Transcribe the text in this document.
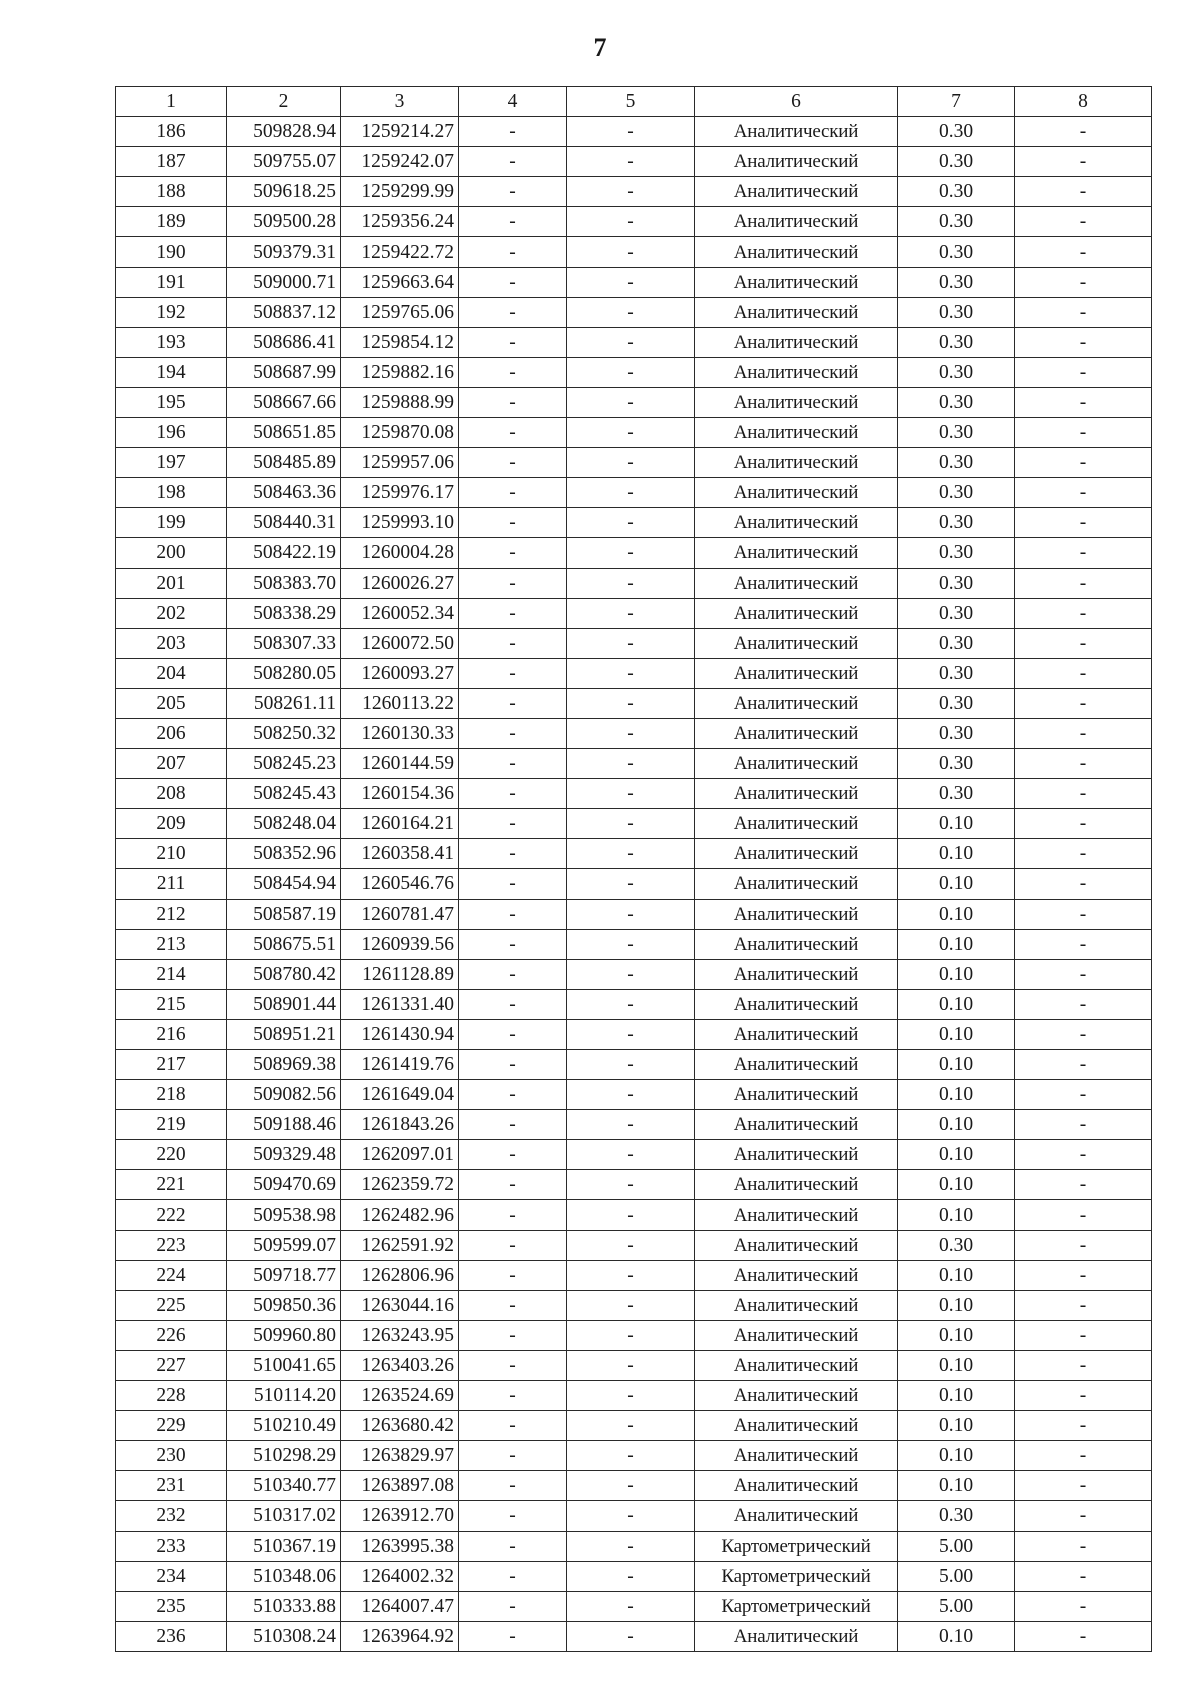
7
1	2	3	4	5	6	7	8
186	509828.94	1259214.27	-	-	Аналитический	0.30	-
187	509755.07	1259242.07	-	-	Аналитический	0.30	-
188	509618.25	1259299.99	-	-	Аналитический	0.30	-
189	509500.28	1259356.24	-	-	Аналитический	0.30	-
190	509379.31	1259422.72	-	-	Аналитический	0.30	-
191	509000.71	1259663.64	-	-	Аналитический	0.30	-
192	508837.12	1259765.06	-	-	Аналитический	0.30	-
193	508686.41	1259854.12	-	-	Аналитический	0.30	-
194	508687.99	1259882.16	-	-	Аналитический	0.30	-
195	508667.66	1259888.99	-	-	Аналитический	0.30	-
196	508651.85	1259870.08	-	-	Аналитический	0.30	-
197	508485.89	1259957.06	-	-	Аналитический	0.30	-
198	508463.36	1259976.17	-	-	Аналитический	0.30	-
199	508440.31	1259993.10	-	-	Аналитический	0.30	-
200	508422.19	1260004.28	-	-	Аналитический	0.30	-
201	508383.70	1260026.27	-	-	Аналитический	0.30	-
202	508338.29	1260052.34	-	-	Аналитический	0.30	-
203	508307.33	1260072.50	-	-	Аналитический	0.30	-
204	508280.05	1260093.27	-	-	Аналитический	0.30	-
205	508261.11	1260113.22	-	-	Аналитический	0.30	-
206	508250.32	1260130.33	-	-	Аналитический	0.30	-
207	508245.23	1260144.59	-	-	Аналитический	0.30	-
208	508245.43	1260154.36	-	-	Аналитический	0.30	-
209	508248.04	1260164.21	-	-	Аналитический	0.10	-
210	508352.96	1260358.41	-	-	Аналитический	0.10	-
211	508454.94	1260546.76	-	-	Аналитический	0.10	-
212	508587.19	1260781.47	-	-	Аналитический	0.10	-
213	508675.51	1260939.56	-	-	Аналитический	0.10	-
214	508780.42	1261128.89	-	-	Аналитический	0.10	-
215	508901.44	1261331.40	-	-	Аналитический	0.10	-
216	508951.21	1261430.94	-	-	Аналитический	0.10	-
217	508969.38	1261419.76	-	-	Аналитический	0.10	-
218	509082.56	1261649.04	-	-	Аналитический	0.10	-
219	509188.46	1261843.26	-	-	Аналитический	0.10	-
220	509329.48	1262097.01	-	-	Аналитический	0.10	-
221	509470.69	1262359.72	-	-	Аналитический	0.10	-
222	509538.98	1262482.96	-	-	Аналитический	0.10	-
223	509599.07	1262591.92	-	-	Аналитический	0.30	-
224	509718.77	1262806.96	-	-	Аналитический	0.10	-
225	509850.36	1263044.16	-	-	Аналитический	0.10	-
226	509960.80	1263243.95	-	-	Аналитический	0.10	-
227	510041.65	1263403.26	-	-	Аналитический	0.10	-
228	510114.20	1263524.69	-	-	Аналитический	0.10	-
229	510210.49	1263680.42	-	-	Аналитический	0.10	-
230	510298.29	1263829.97	-	-	Аналитический	0.10	-
231	510340.77	1263897.08	-	-	Аналитический	0.10	-
232	510317.02	1263912.70	-	-	Аналитический	0.30	-
233	510367.19	1263995.38	-	-	Картометрический	5.00	-
234	510348.06	1264002.32	-	-	Картометрический	5.00	-
235	510333.88	1264007.47	-	-	Картометрический	5.00	-
236	510308.24	1263964.92	-	-	Аналитический	0.10	-
